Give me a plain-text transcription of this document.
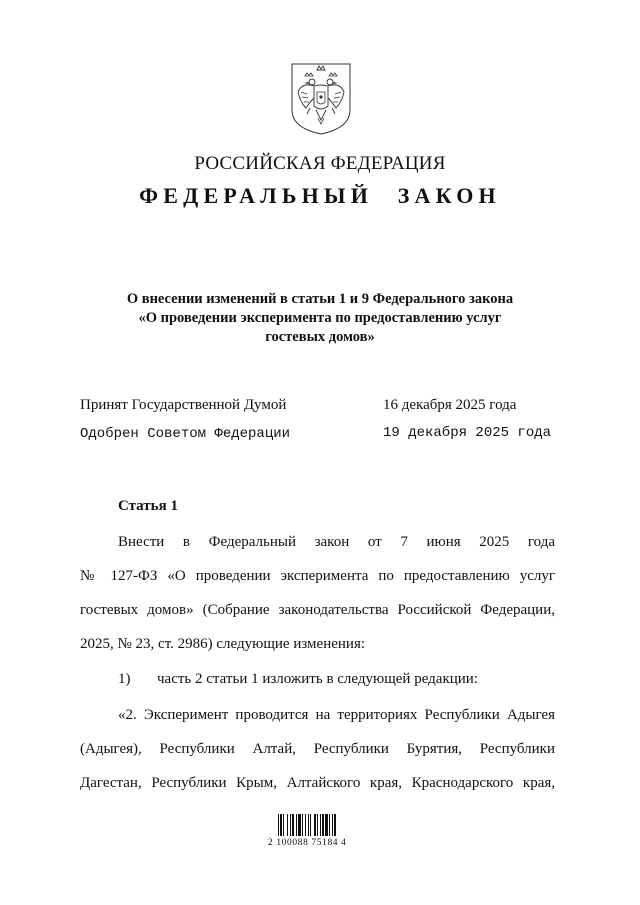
РОССИЙСКАЯ ФЕДЕРАЦИЯ
ФЕДЕРАЛЬНЫЙ ЗАКОН
О внесении изменений в статьи 1 и 9 Федерального закона
«О проведении эксперимента по предоставлению услуг
гостевых домов»
Принят Государственной Думой	16 декабря 2025 года
Одобрен Советом Федерации	19 декабря 2025 года
Статья 1
Внести в Федеральный закон от 7 июня 2025 года
№ 127-ФЗ «О проведении эксперимента по предоставлению услуг
гостевых домов» (Собрание законодательства Российской Федерации,
2025, № 23, ст. 2986) следующие изменения:
1) часть 2 статьи 1 изложить в следующей редакции:
«2. Эксперимент проводится на территориях Республики Адыгея
(Адыгея), Республики Алтай, Республики Бурятия, Республики
Дагестан, Республики Крым, Алтайского края, Краснодарского края,
2 100088 75184 4
